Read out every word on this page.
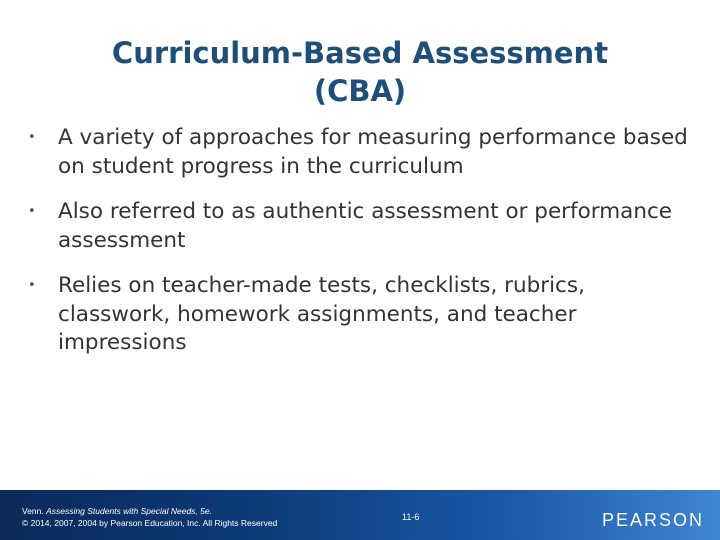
Curriculum-Based Assessment
(CBA)
• A variety of approaches for measuring performance based on student progress in the curriculum
• Also referred to as authentic assessment or performance assessment
• Relies on teacher-made tests, checklists, rubrics, classwork, homework assignments, and teacher impressions
Venn. Assessing Students with Special Needs, 5e.
© 2014, 2007, 2004 by Pearson Education, Inc. All Rights Reserved
11-6	PEARSON
